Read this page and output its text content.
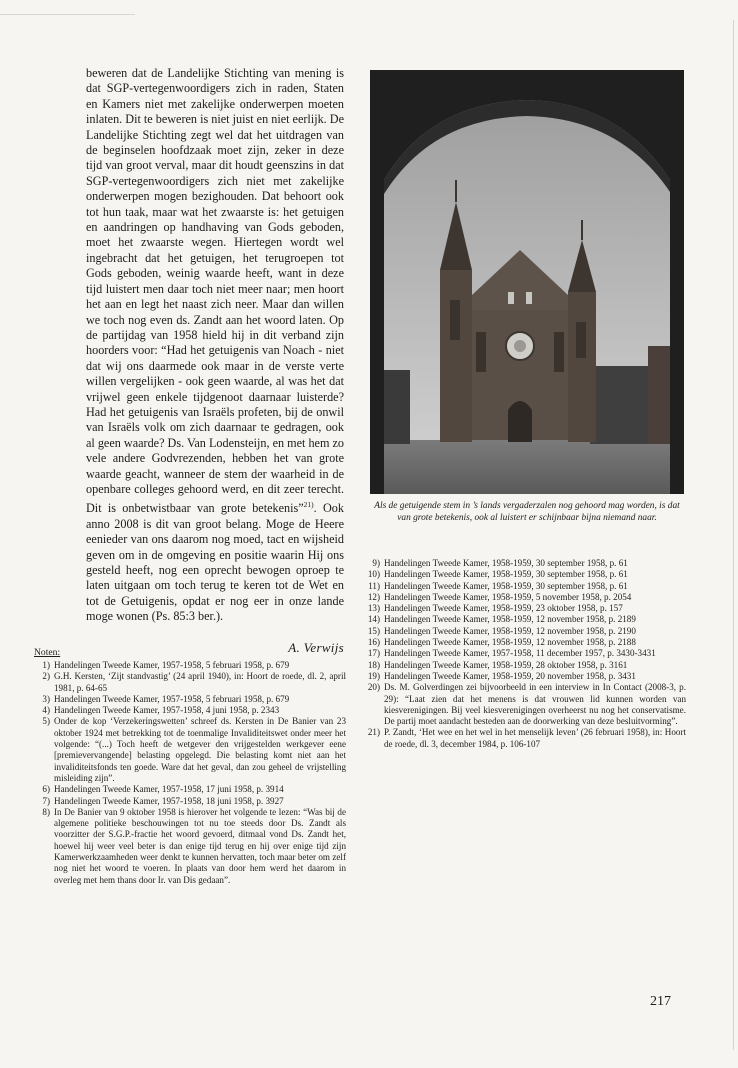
beweren dat de Landelijke Stichting van mening is dat SGP-vertegenwoordigers zich in raden, Staten en Kamers niet met zakelijke onderwerpen moeten inlaten. Dit te beweren is niet juist en niet eerlijk. De Landelijke Stichting zegt wel dat het uitdragen van de beginselen hoofdzaak moet zijn, zeker in deze tijd van groot verval, maar dit houdt geenszins in dat SGP-vertegenwoordigers zich niet met zakelijke onderwerpen mogen bezighouden. Dat behoort ook tot hun taak, maar wat het zwaarste is: het getuigen en aandringen op handhaving van Gods geboden, moet het zwaarste wegen. Hiertegen wordt wel ingebracht dat het getuigen, het terugroepen tot Gods geboden, weinig waarde heeft, want in deze tijd luistert men daar toch niet meer naar; men hoort het aan en legt het naast zich neer. Maar dan willen we toch nog even ds. Zandt aan het woord laten. Op de partijdag van 1958 hield hij in dit verband zijn hoorders voor: “Had het getuigenis van Noach - niet dat wij ons daarmede ook maar in de verste verte willen vergelijken - ook geen waarde, al was het dat vrijwel geen enkele tijdgenoot daarnaar luisterde? Had het getuigenis van Israëls profeten, bij de onwil van Israëls volk om zich daarnaar te gedragen, ook al geen waarde? Ds. Van Lodensteijn, en met hem zo vele andere Godvrezenden, hebben het van grote waarde geacht, wanneer de stem der waarheid in de openbare colleges gehoord werd, en dit zeer terecht. Dit is onbetwistbaar van grote betekenis”$^{21)}$. Ook anno 2008 is dit van groot belang. Moge de Heere eenieder van ons daarom nog moed, tact en wijsheid geven om in de omgeving en positie waarin Hij ons gesteld heeft, nog een oprecht bewogen oproep te laten uitgaan om toch terug te keren tot de Wet en tot de Getuigenis, opdat er nog eer in onze lande moge wonen (Ps. 85:3 ber.).

A. Verwijs

Noten:

1) Handelingen Tweede Kamer, 1957-1958, 5 februari 1958, p. 679
2) G.H. Kersten, ‘Zijt standvastig’ (24 april 1940), in: Hoort de roede, dl. 2, april 1981, p. 64-65
3) Handelingen Tweede Kamer, 1957-1958, 5 februari 1958, p. 679
4) Handelingen Tweede Kamer, 1957-1958, 4 juni 1958, p. 2343
5) Onder de kop ‘Verzekeringswetten’ schreef ds. Kersten in De Banier van 23 oktober 1924 met betrekking tot de toenmalige Invaliditeitswet onder meer het volgende: “(...) Toch heeft de wetgever den vrijgestelden werkgever eene [premievervangende] belasting opgelegd. Die belasting komt niet aan het invaliditeitsfonds ten goede. Ware dat het geval, dan zou geheel de vrijstelling misleiding zijn”.
6) Handelingen Tweede Kamer, 1957-1958, 17 juni 1958, p. 3914
7) Handelingen Tweede Kamer, 1957-1958, 18 juni 1958, p. 3927
8) In De Banier van 9 oktober 1958 is hierover het volgende te lezen: “Was bij de algemene politieke beschouwingen tot nu toe steeds door Ds. Zandt als voorzitter der S.G.P.-fractie het woord gevoerd, ditmaal vond Ds. Zandt het, hoewel hij weer veel beter is dan enige tijd terug en hij over enige tijd zijn Kamerwerkzaamheden weer denkt te kunnen hervatten, toch maar beter om zelf nog niet het woord te voeren. In plaats van door hem werd het daarom in overleg met hem thans door Ir. van Dis gedaan”.

Als de getuigende stem in ’s lands vergaderzalen nog gehoord mag worden, is dat van grote betekenis, ook al luistert er schijnbaar bijna niemand naar.

9) Handelingen Tweede Kamer, 1958-1959, 30 september 1958, p. 61
10) Handelingen Tweede Kamer, 1958-1959, 30 september 1958, p. 61
11) Handelingen Tweede Kamer, 1958-1959, 30 september 1958, p. 61
12) Handelingen Tweede Kamer, 1958-1959, 5 november 1958, p. 2054
13) Handelingen Tweede Kamer, 1958-1959, 23 oktober 1958, p. 157
14) Handelingen Tweede Kamer, 1958-1959, 12 november 1958, p. 2189
15) Handelingen Tweede Kamer, 1958-1959, 12 november 1958, p. 2190
16) Handelingen Tweede Kamer, 1958-1959, 12 november 1958, p. 2188
17) Handelingen Tweede Kamer, 1957-1958, 11 december 1957, p. 3430-3431
18) Handelingen Tweede Kamer, 1958-1959, 28 oktober 1958, p. 3161
19) Handelingen Tweede Kamer, 1958-1959, 20 november 1958, p. 3431
20) Ds. M. Golverdingen zei bijvoorbeeld in een interview in In Contact (2008-3, p. 29): “Laat zien dat het menens is dat vrouwen lid kunnen worden van kiesverenigingen. Bij veel kiesverenigingen overheerst nu nog het conservatisme. De partij moet aandacht besteden aan de doorwerking van deze besluitvorming”.
21) P. Zandt, ‘Het wee en het wel in het menselijk leven’ (26 februari 1958), in: Hoort de roede, dl. 3, december 1984, p. 106-107
217
